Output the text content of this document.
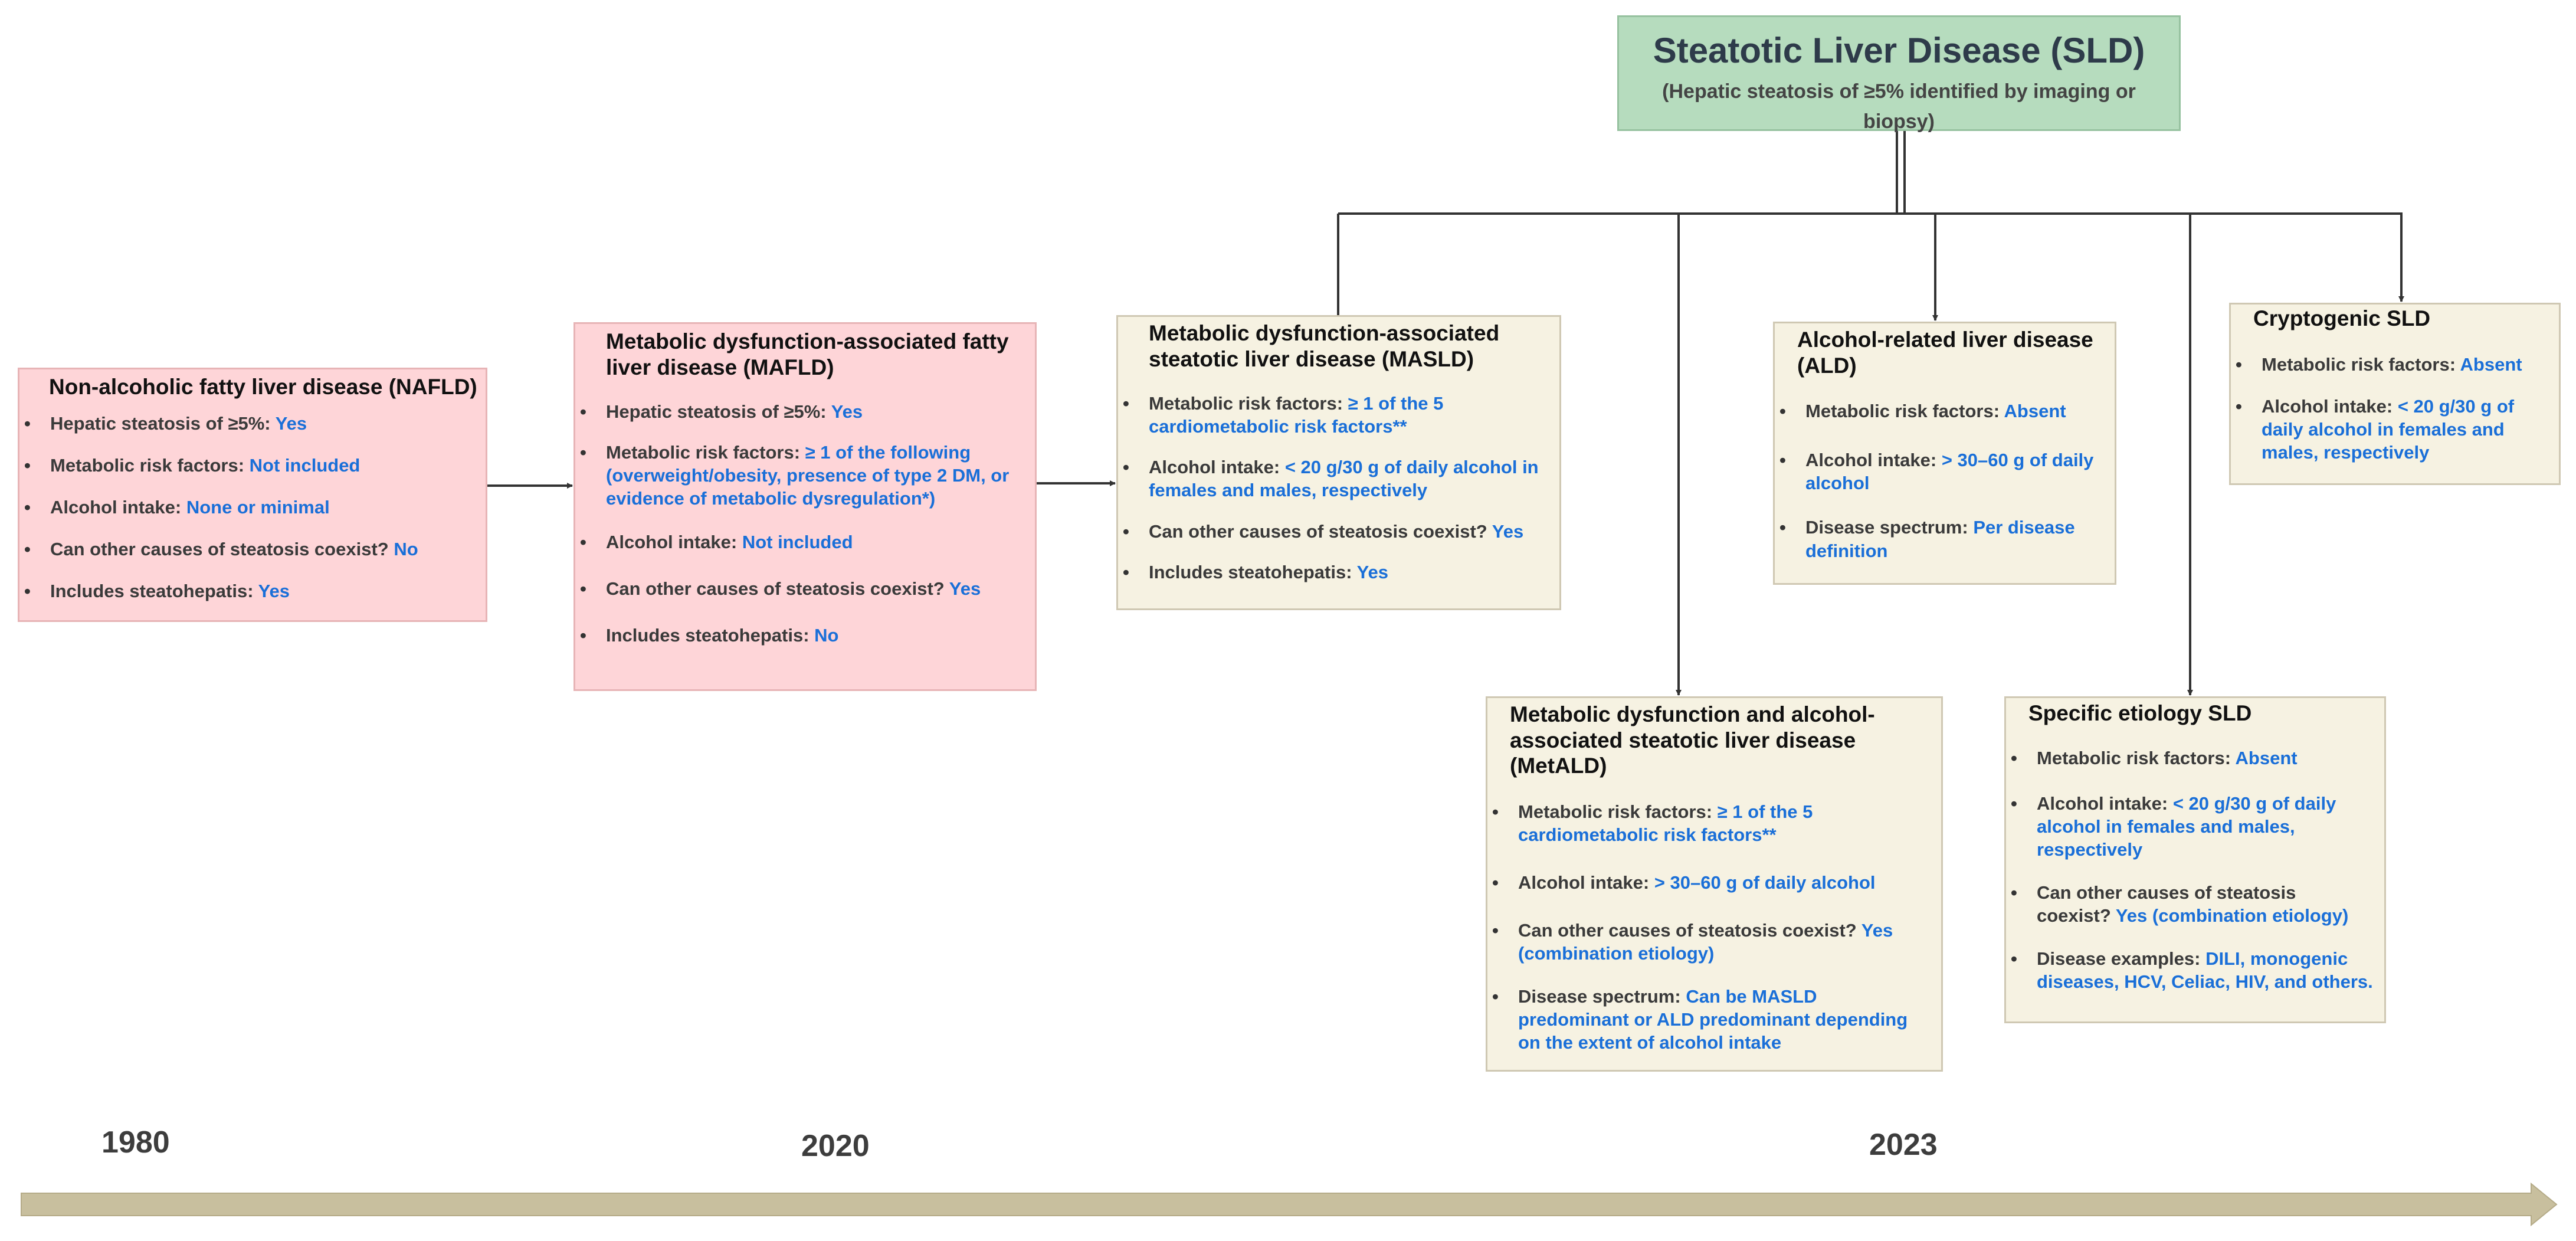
Steatotic Liver Disease (SLD)
(Hepatic steatosis of ≥5% identified by imaging or biopsy)
Non-alcoholic fatty liver disease (NAFLD)
• Hepatic steatosis of ≥5%: Yes
• Metabolic risk factors: Not included
• Alcohol intake: None or minimal
• Can other causes of steatosis coexist? No
• Includes steatohepatis: Yes
Metabolic dysfunction-associated fatty liver disease (MAFLD)
• Hepatic steatosis of ≥5%: Yes
• Metabolic risk factors: ≥ 1 of the following (overweight/obesity, presence of type 2 DM, or evidence of metabolic dysregulation*)
• Alcohol intake: Not included
• Can other causes of steatosis coexist? Yes
• Includes steatohepatis: No
Metabolic dysfunction-associated steatotic liver disease (MASLD)
• Metabolic risk factors: ≥ 1 of the 5 cardiometabolic risk factors**
• Alcohol intake: < 20 g/30 g of daily alcohol in females and males, respectively
• Can other causes of steatosis coexist? Yes
• Includes steatohepatis: Yes
Alcohol-related liver disease (ALD)
• Metabolic risk factors: Absent
• Alcohol intake: > 30–60 g of daily alcohol
• Disease spectrum: Per disease definition
Cryptogenic SLD
• Metabolic risk factors: Absent
• Alcohol intake: < 20 g/30 g of daily alcohol in females and males, respectively
Metabolic dysfunction and alcohol-associated steatotic liver disease (MetALD)
• Metabolic risk factors: ≥ 1 of the 5 cardiometabolic risk factors**
• Alcohol intake: > 30–60 g of daily alcohol
• Can other causes of steatosis coexist? Yes (combination etiology)
• Disease spectrum: Can be MASLD predominant or ALD predominant depending on the extent of alcohol intake
Specific etiology SLD
• Metabolic risk factors: Absent
• Alcohol intake: < 20 g/30 g of daily alcohol in females and males, respectively
• Can other causes of steatosis coexist? Yes (combination etiology)
• Disease examples: DILI, monogenic diseases, HCV, Celiac, HIV, and others.
1980	2020	2023
